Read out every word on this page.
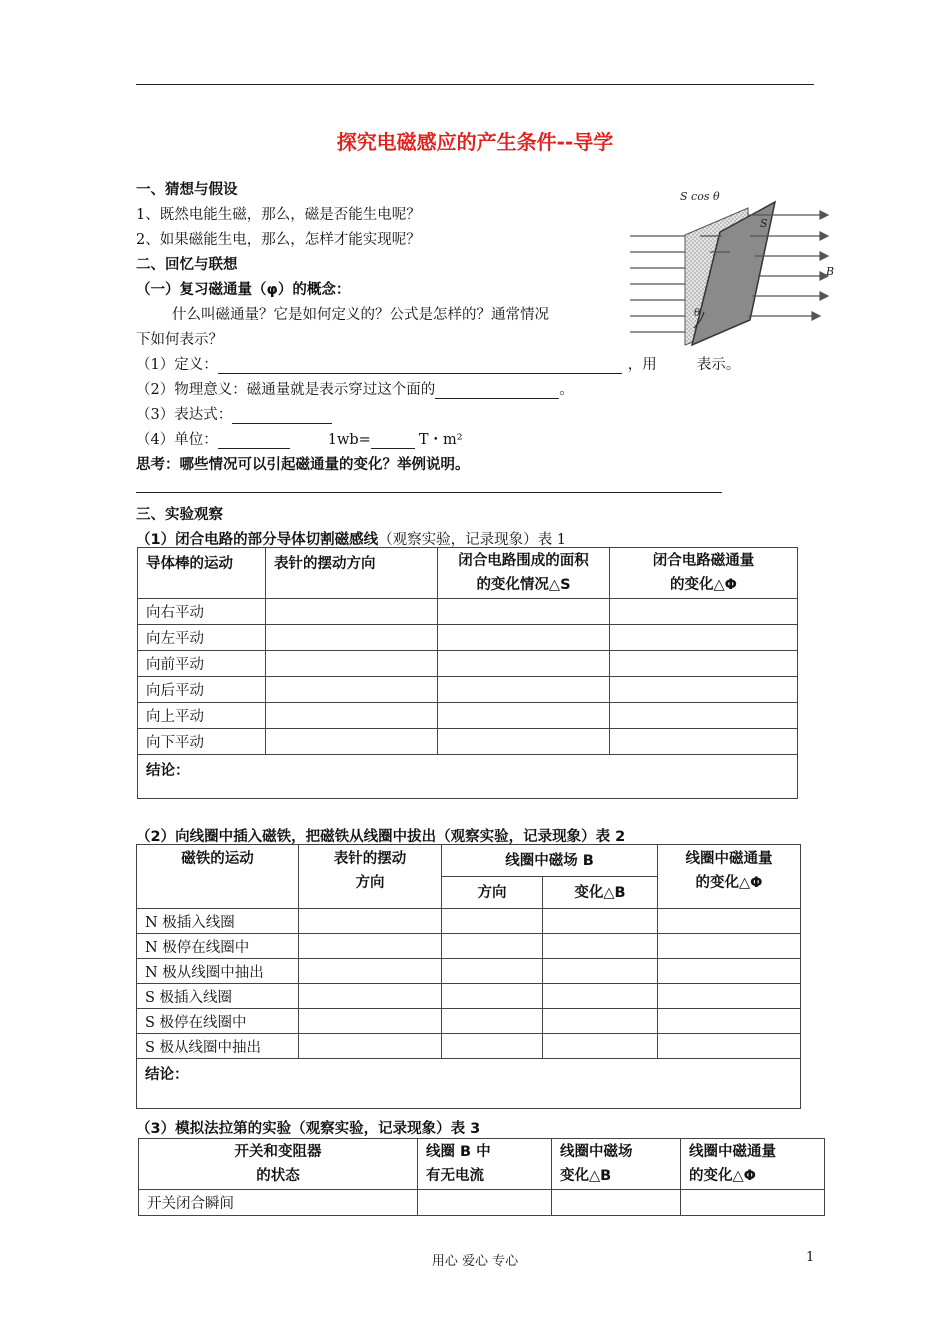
探究电磁感应的产生条件--导学
一、猜想与假设
1、既然电能生磁，那么，磁是否能生电呢？
2、如果磁能生电，那么，怎样才能实现呢？
二、回忆与联想
（一）复习磁通量（φ）的概念：
什么叫磁通量？它是如何定义的？公式是怎样的？通常情况
下如何表示？
（1）定义：	，用	表示。
（2）物理意义：磁通量就是表示穿过这个面的	。
（3）表达式：
（4）单位：	1wb=	T・m²
思考：哪些情况可以引起磁通量的变化？举例说明。
S cos θ
S
B
θ
三、实验观察
（1）闭合电路的部分导体切割磁感线（观察实验，记录现象）表 1
导体棒的运动	表针的摆动方向	闭合电路围成的面积
的变化情况△S	闭合电路磁通量
的变化△Φ
向右平动			
向左平动			
向前平动			
向后平动			
向上平动			
向下平动			
结论：			
（2）向线圈中插入磁铁，把磁铁从线圈中拔出（观察实验，记录现象）表 2
磁铁的运动	表针的摆动
方向	线圈中磁场 B		线圈中磁通量
的变化△Φ
		方向	变化△B	
N 极插入线圈				
N 极停在线圈中				
N 极从线圈中抽出				
S 极插入线圈				
S 极停在线圈中				
S 极从线圈中抽出				
结论：				
（3）模拟法拉第的实验（观察实验，记录现象）表 3
开关和变阻器
的状态	线圈 B 中
有无电流	线圈中磁场
变化△B	线圈中磁通量
的变化△Φ
开关闭合瞬间			
用心 爱心 专心	1
